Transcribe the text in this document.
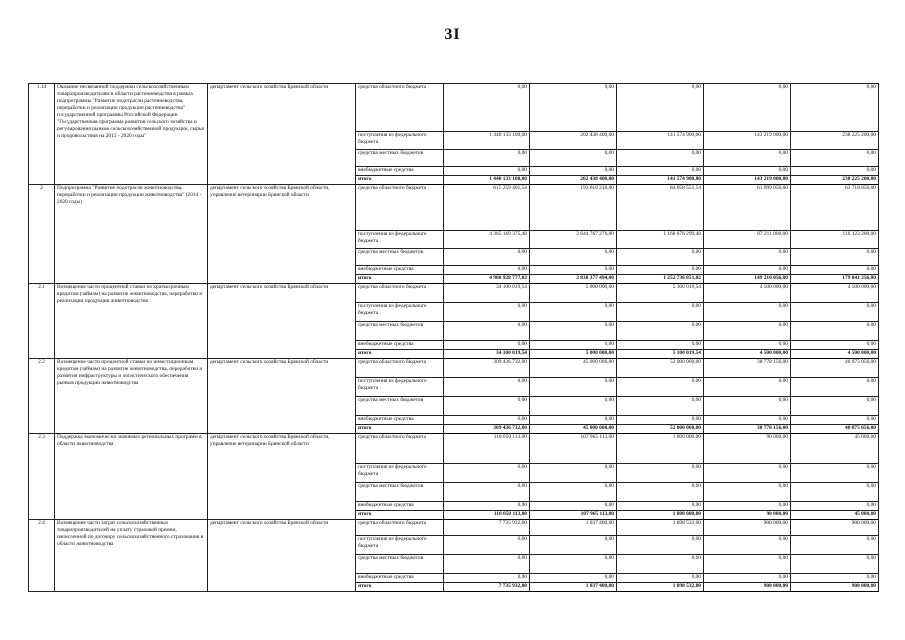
3I
1.14	Оказание несвязанной поддержки сельскохозяйственным товаропроизводителям в области растениеводства в рамках подпрограммы "Развитие подотрасли растениеводства, переработки и реализации продукции растениеводства" государственной программы Российской Федерации "Государственная программа развития сельского хозяйства и регулирования рынков сельскохозяйственной продукции, сырья и продовольствия на 2013 - 2020 годы"	департамент сельского хозяйства Брянской области	средства областного бюджета	0,00	0,00	0,00	0,00	0,00	
			поступления из федерального бюджета	1 440 133 100,00	202 438 400,00	141 574 900,00	143 219 000,00	238 225 200,00	
			средства местных бюджетов	0,00	0,00	0,00	0,00	0,00	
			внебюджетные средства	0,00	0,00	0,00	0,00	0,00	
			итого	1 440 133 100,00	202 438 400,00	141 574 900,00	143 219 000,00	238 225 200,00	
2	Подпрограмма "Развитие подотрасли животноводства, переработки и реализации продукции животноводства" (2014 - 2020 годы)	департамент сельского хозяйства Брянской области, управление ветеринарии Брянской области	средства областного бюджета	615 259 401,54	193 610 218,00	84 058 551,54	61 999 056,00	63 718 056,00	
			поступления из федерального бюджета	4 365 169 375,48	2 644 767 276,00	1 168 676 299,48	87 211 000,00	116 123 200,00	
			средства местных бюджетов	0,00	0,00	0,00	0,00	0,00	
			внебюджетные средства	0,00	0,00	0,00	0,00	0,00	
			итого	4 980 928 777,02	2 838 377 494,00	1 252 736 851,02	149 210 056,00	179 841 256,00	
2.1	Возмещение части процентной ставки по краткосрочным кредитам (займам) на развитие животноводства, переработки и реализации продукции животноводства	департамент сельского хозяйства Брянской области	средства областного бюджета	34 100 019,54	5 000 000,00	5 100 019,54	4 500 000,00	4 500 000,00	
			поступления из федерального бюджета	0,00	0,00	0,00	0,00	0,00	
			средства местных бюджетов	0,00	0,00	0,00	0,00	0,00	
			внебюджетные средства	0,00	0,00	0,00	0,00	0,00	
			итого	34 100 019,54	5 000 000,00	5 100 019,54	4 500 000,00	4 500 000,00	
2.2	Возмещение части процентной ставки по инвестиционным кредитам (займам) на развитие животноводства, переработки и развития инфраструктуры и логистического обеспечения рынков продукции животноводства	департамент сельского хозяйства Брянской области	средства областного бюджета	309 436 732,00	45 000 000,00	52 000 000,00	38 778 156,00	40 075 056,00	
			поступления из федерального бюджета	0,00	0,00	0,00	0,00	0,00	
			средства местных бюджетов	0,00	0,00	0,00	0,00	0,00	
			внебюджетные средства	0,00	0,00	0,00	0,00	0,00	
			итого	309 436 732,00	45 000 000,00	52 000 000,00	38 778 156,00	40 075 056,00	
2.3	Поддержка экономически значимых региональных программ в области животноводства	департамент сельского хозяйства Брянской области, управление ветеринарии Брянской области	средства областного бюджета	110 050 113,00	107 965 113,00	1 800 000,00	90 000,00	45 000,00	
			поступления из федерального бюджета	0,00	0,00	0,00	0,00	0,00	
			средства местных бюджетов	0,00	0,00	0,00	0,00	0,00	
			внебюджетные средства	0,00	0,00	0,00	0,00	0,00	
			итого	110 050 113,00	107 965 113,00	1 800 000,00	90 000,00	45 000,00	
2.4	Возмещение части затрат сельскохозяйственных товаропроизводителей на уплату страховой премии, начисленной по договору сельскохозяйственного страхования в области животноводства	департамент сельского хозяйства Брянской области	средства областного бюджета	7 735 932,00	1 037 400,00	1 898 532,00	900 000,00	900 000,00	
			поступления из федерального бюджета	0,00	0,00	0,00	0,00	0,00	
			средства местных бюджетов	0,00	0,00	0,00	0,00	0,00	
			внебюджетные средства	0,00	0,00	0,00	0,00	0,00	
			итого	7 735 932,00	1 037 400,00	1 898 532,00	900 000,00	900 000,00	
